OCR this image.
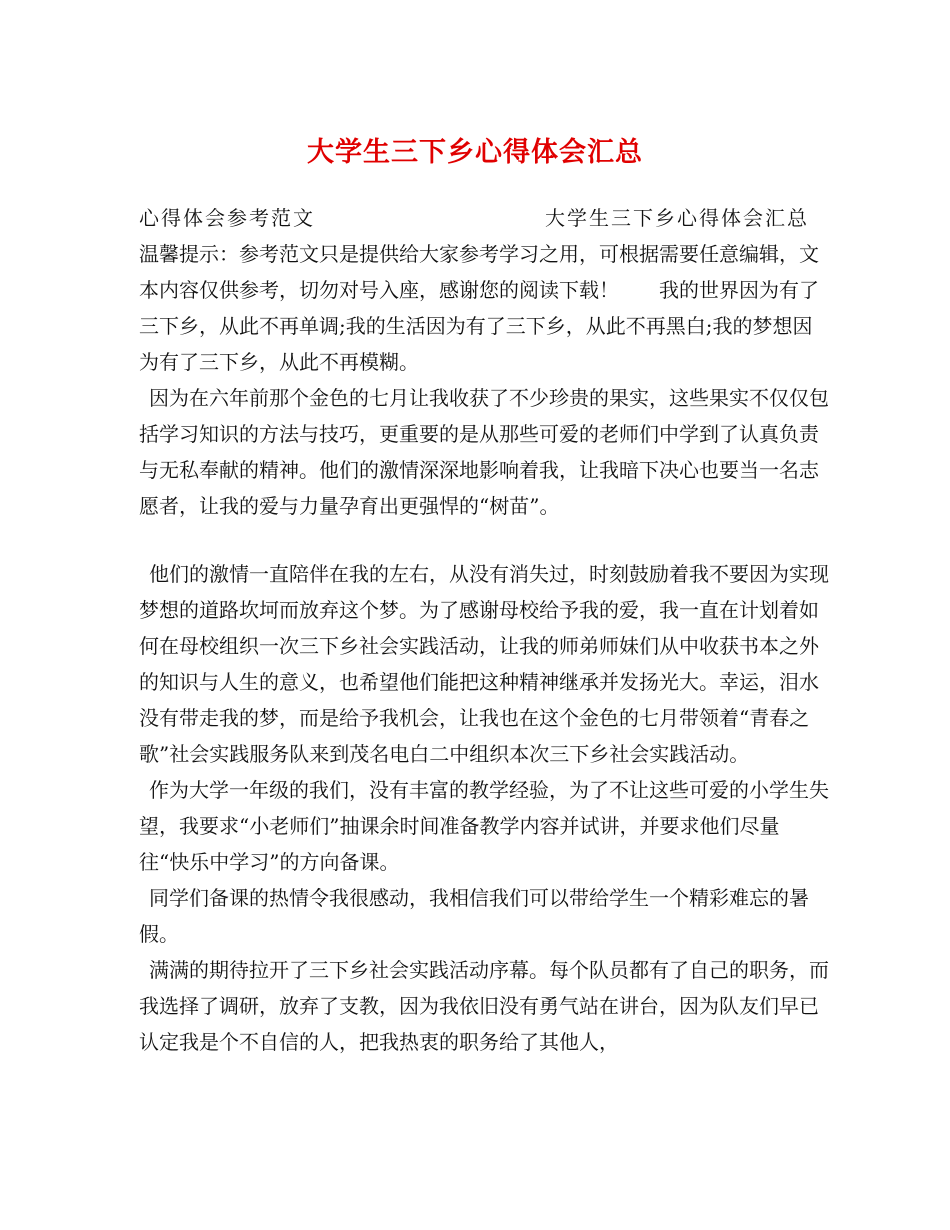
大学生三下乡心得体会汇总
心得体会参考范文	大学生三下乡心得体会汇总

温馨提示：参考范文只是提供给大家参考学习之用，可根据需要任意编辑，文本内容仅供参考，切勿对号入座，感谢您的阅读下载！　　我的世界因为有了三下乡，从此不再单调;我的生活因为有了三下乡，从此不再黑白;我的梦想因为有了三下乡，从此不再模糊。

因为在六年前那个金色的七月让我收获了不少珍贵的果实，这些果实不仅仅包括学习知识的方法与技巧，更重要的是从那些可爱的老师们中学到了认真负责与无私奉献的精神。他们的激情深深地影响着我，让我暗下决心也要当一名志愿者，让我的爱与力量孕育出更强悍的“树苗”。

他们的激情一直陪伴在我的左右，从没有消失过，时刻鼓励着我不要因为实现梦想的道路坎坷而放弃这个梦。为了感谢母校给予我的爱，我一直在计划着如何在母校组织一次三下乡社会实践活动，让我的师弟师妹们从中收获书本之外的知识与人生的意义，也希望他们能把这种精神继承并发扬光大。幸运，泪水没有带走我的梦，而是给予我机会，让我也在这个金色的七月带领着“青春之歌”社会实践服务队来到茂名电白二中组织本次三下乡社会实践活动。

作为大学一年级的我们，没有丰富的教学经验，为了不让这些可爱的小学生失望，我要求“小老师们”抽课余时间准备教学内容并试讲，并要求他们尽量往“快乐中学习”的方向备课。

同学们备课的热情令我很感动，我相信我们可以带给学生一个精彩难忘的暑假。

满满的期待拉开了三下乡社会实践活动序幕。每个队员都有了自己的职务，而我选择了调研，放弃了支教，因为我依旧没有勇气站在讲台，因为队友们早已认定我是个不自信的人，把我热衷的职务给了其他人，
